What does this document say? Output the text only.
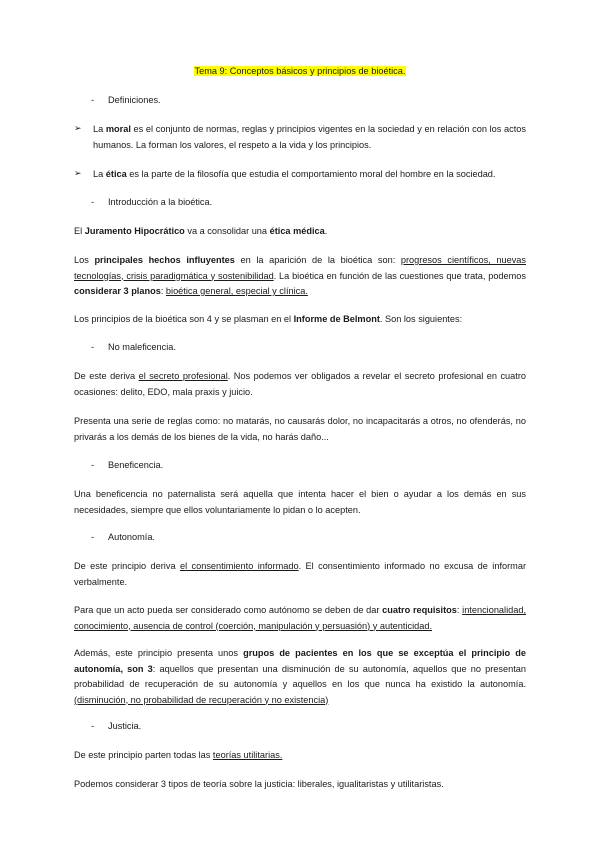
Tema 9: Conceptos básicos y principios de bioética.
- Definiciones.
➢	La moral es el conjunto de normas, reglas y principios vigentes en la sociedad y en relación con los actos humanos. La forman los valores, el respeto a la vida y los principios.
➢	La ética es la parte de la filosofía que estudia el comportamiento moral del hombre en la sociedad.
- Introducción a la bioética.

El Juramento Hipocrático va a consolidar una ética médica.

Los principales hechos influyentes en la aparición de la bioética son: progresos científicos, nuevas tecnologías, crisis paradigmática y sostenibilidad. La bioética en función de las cuestiones que trata, podemos considerar 3 planos: bioética general, especial y clínica.

Los principios de la bioética son 4 y se plasman en el Informe de Belmont. Son los siguientes:

- No maleficencia.

De este deriva el secreto profesional. Nos podemos ver obligados a revelar el secreto profesional en cuatro ocasiones: delito, EDO, mala praxis y juicio.

Presenta una serie de reglas como: no matarás, no causarás dolor, no incapacitarás a otros, no ofenderás, no privarás a los demás de los bienes de la vida, no harás daño...

- Beneficencia.

Una beneficencia no paternalista será aquella que intenta hacer el bien o ayudar a los demás en sus necesidades, siempre que ellos voluntariamente lo pidan o lo acepten.

- Autonomía.

De este principio deriva el consentimiento informado. El consentimiento informado no excusa de informar verbalmente.

Para que un acto pueda ser considerado como autónomo se deben de dar cuatro requisitos: intencionalidad, conocimiento, ausencia de control (coerción, manipulación y persuasión) y autenticidad.

Además, este principio presenta unos grupos de pacientes en los que se exceptúa el principio de autonomía, son 3: aquellos que presentan una disminución de su autonomía, aquellos que no presentan probabilidad de recuperación de su autonomía y aquellos en los que nunca ha existido la autonomía. (disminución, no probabilidad de recuperación y no existencia)

- Justicia.

De este principio parten todas las teorías utilitarias.

Podemos considerar 3 tipos de teoría sobre la justicia: liberales, igualitaristas y utilitaristas.
